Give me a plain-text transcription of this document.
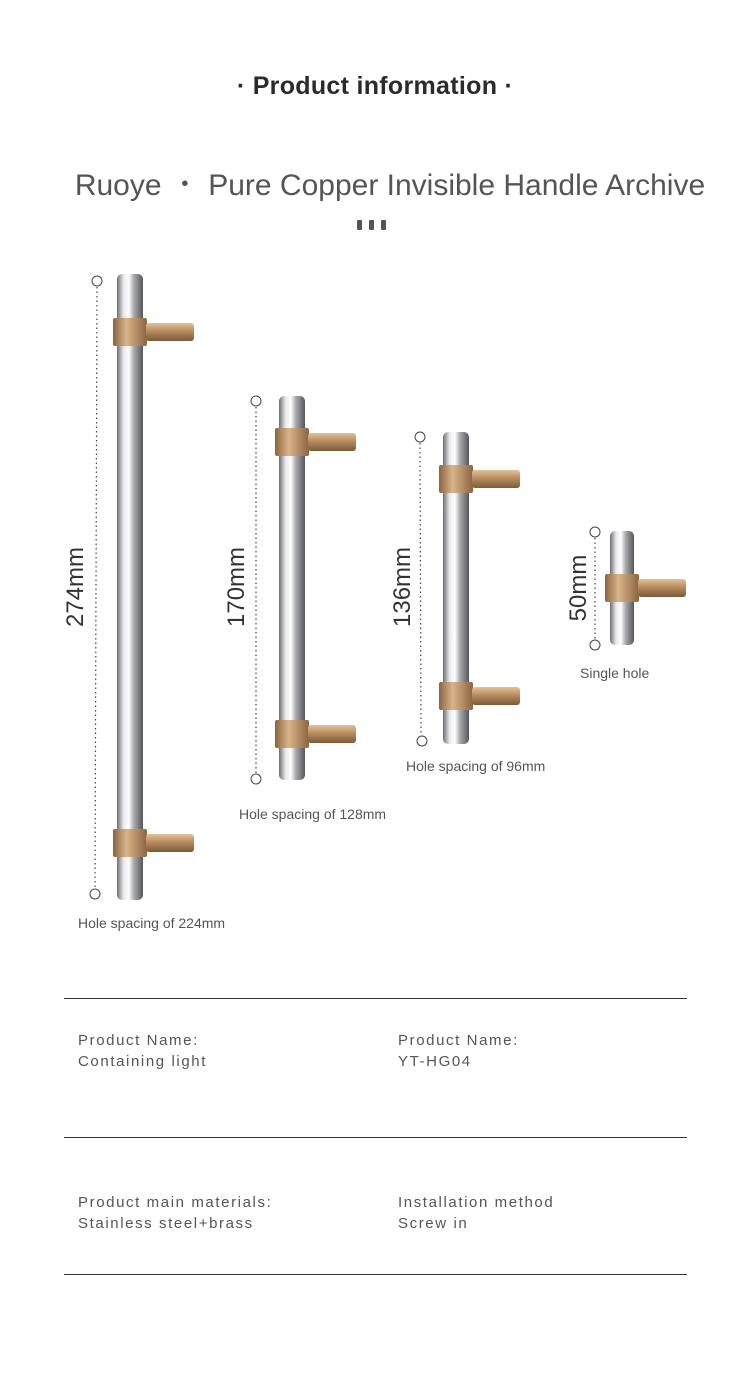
· Product information ·
Ruoye ・ Pure Copper Invisible Handle Archive
274mm	170mm	136mm	50mm
Hole spacing of 224mm
Hole spacing of 128mm
Hole spacing of 96mm
Single hole
Product Name:
Containing light
Product Name:
YT-HG04
Product main materials:
Stainless steel+brass
Installation method
Screw in
